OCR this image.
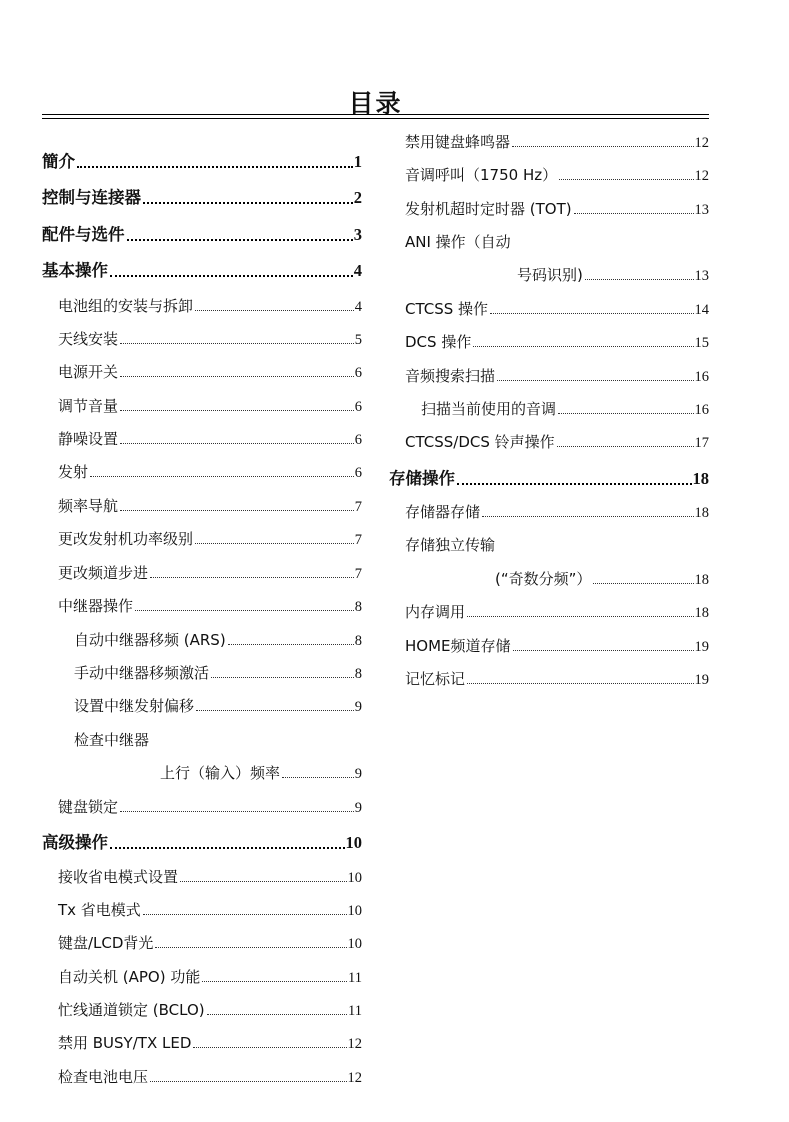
目录
簡介	1
控制与连接器	2
配件与选件	3
基本操作	4
电池组的安装与拆卸	4
天线安装	5
电源开关	6
调节音量	6
静噪设置	6
发射	6
频率导航	7
更改发射机功率级别	7
更改频道步进	7
中继器操作	8
自动中继器移频 (ARS)	8
手动中继器移频激活	8
设置中继发射偏移	9
检查中继器
上行（输入）频率	9
键盘锁定	9
高级操作	10
接收省电模式设置	10
Tx 省电模式	10
键盘/LCD背光	10
自动关机 (APO) 功能	11
忙线通道锁定 (BCLO)	11
禁用 BUSY/TX LED	12
检查电池电压	12
禁用键盘蜂鸣器	12
音调呼叫（1750 Hz）	12
发射机超时定时器 (TOT)	13
ANI 操作（自动
号码识别)	13
CTCSS 操作	14
DCS 操作	15
音频搜索扫描	16
扫描当前使用的音调	16
CTCSS/DCS 铃声操作	17
存储操作	18
存储器存储	18
存储独立传输
(“奇数分频”）	18
内存调用	18
HOME频道存储	19
记忆标记	19
